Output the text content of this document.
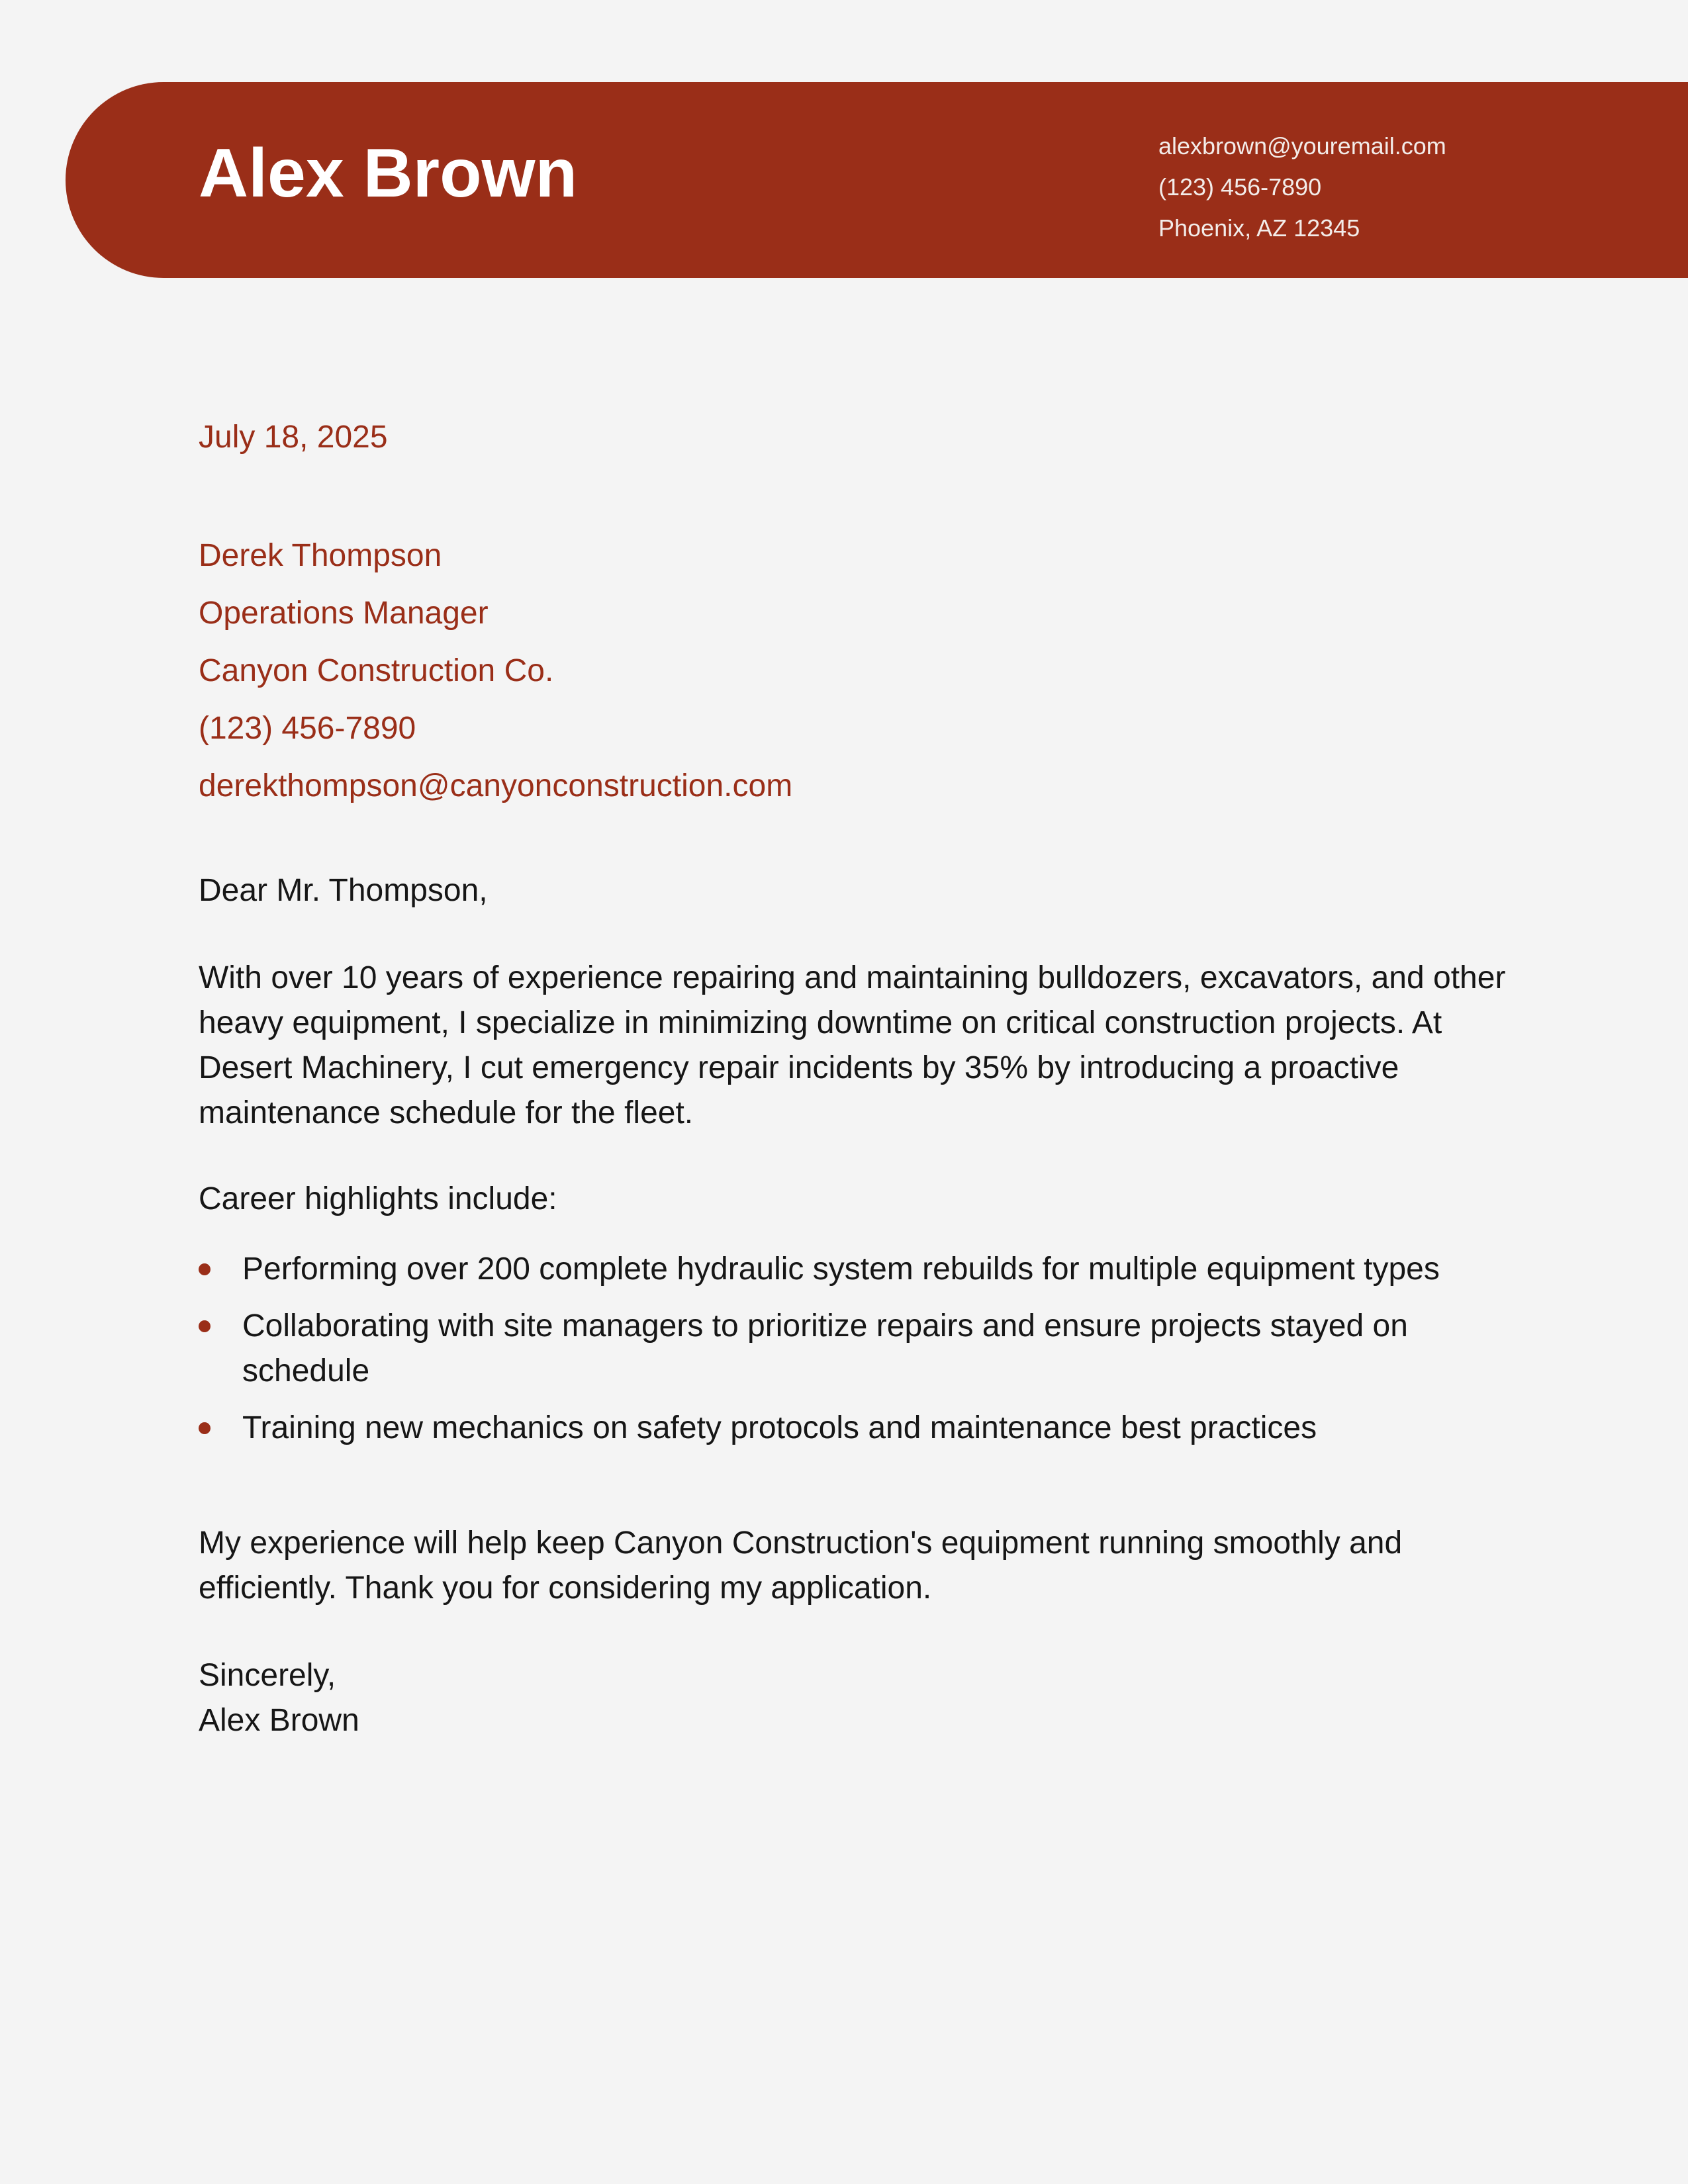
Alex Brown	alexbrown@youremail.com
(123) 456-7890
Phoenix, AZ 12345
July 18, 2025
Derek Thompson
Operations Manager
Canyon Construction Co.
(123) 456-7890
derekthompson@canyonconstruction.com
Dear Mr. Thompson,
With over 10 years of experience repairing and maintaining bulldozers, excavators, and other heavy equipment, I specialize in minimizing downtime on critical construction projects. At Desert Machinery, I cut emergency repair incidents by 35% by introducing a proactive maintenance schedule for the fleet.
Career highlights include:
Performing over 200 complete hydraulic system rebuilds for multiple equipment types
Collaborating with site managers to prioritize repairs and ensure projects stayed on schedule
Training new mechanics on safety protocols and maintenance best practices
My experience will help keep Canyon Construction's equipment running smoothly and efficiently. Thank you for considering my application.
Sincerely,
Alex Brown
